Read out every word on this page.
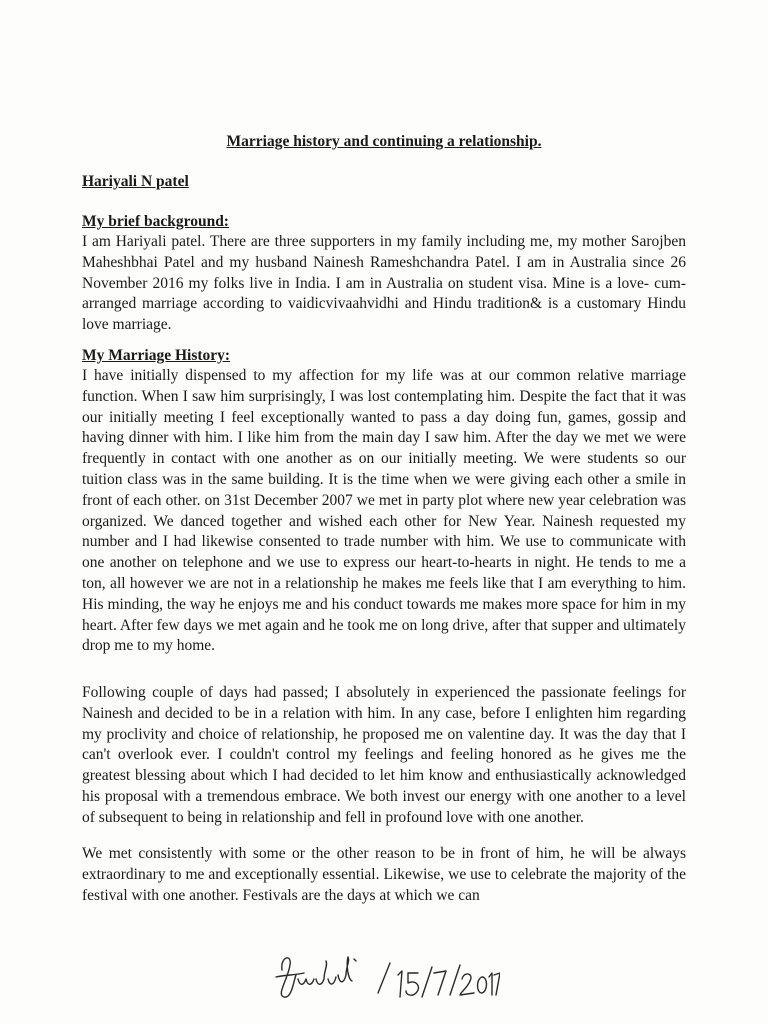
Marriage history and continuing a relationship.
Hariyali N patel
My brief background:

I am Hariyali patel. There are three supporters in my family including me, my mother Sarojben Maheshbhai Patel and my husband Nainesh Rameshchandra Patel. I am in Australia since 26 November 2016 my folks live in India. I am in Australia on student visa. Mine is a love- cum- arranged marriage according to vaidicvivaahvidhi and Hindu tradition& is a customary Hindu love marriage.

My Marriage History:

I have initially dispensed to my affection for my life was at our common relative marriage function. When I saw him surprisingly, I was lost contemplating him. Despite the fact that it was our initially meeting I feel exceptionally wanted to pass a day doing fun, games, gossip and having dinner with him. I like him from the main day I saw him. After the day we met we were frequently in contact with one another as on our initially meeting. We were students so our tuition class was in the same building. It is the time when we were giving each other a smile in front of each other. on 31st December 2007 we met in party plot where new year celebration was organized. We danced together and wished each other for New Year. Nainesh requested my number and I had likewise consented to trade number with him. We use to communicate with one another on telephone and we use to express our heart-to-hearts in night. He tends to me a ton, all however we are not in a relationship he makes me feels like that I am everything to him. His minding, the way he enjoys me and his conduct towards me makes more space for him in my heart. After few days we met again and he took me on long drive, after that supper and ultimately drop me to my home.

Following couple of days had passed; I absolutely in experienced the passionate feelings for Nainesh and decided to be in a relation with him. In any case, before I enlighten him regarding my proclivity and choice of relationship, he proposed me on valentine day. It was the day that I can't overlook ever. I couldn't control my feelings and feeling honored as he gives me the greatest blessing about which I had decided to let him know and enthusiastically acknowledged his proposal with a tremendous embrace. We both invest our energy with one another to a level of subsequent to being in relationship and fell in profound love with one another.

We met consistently with some or the other reason to be in front of him, he will be always extraordinary to me and exceptionally essential. Likewise, we use to celebrate the majority of the festival with one another. Festivals are the days at which we can
